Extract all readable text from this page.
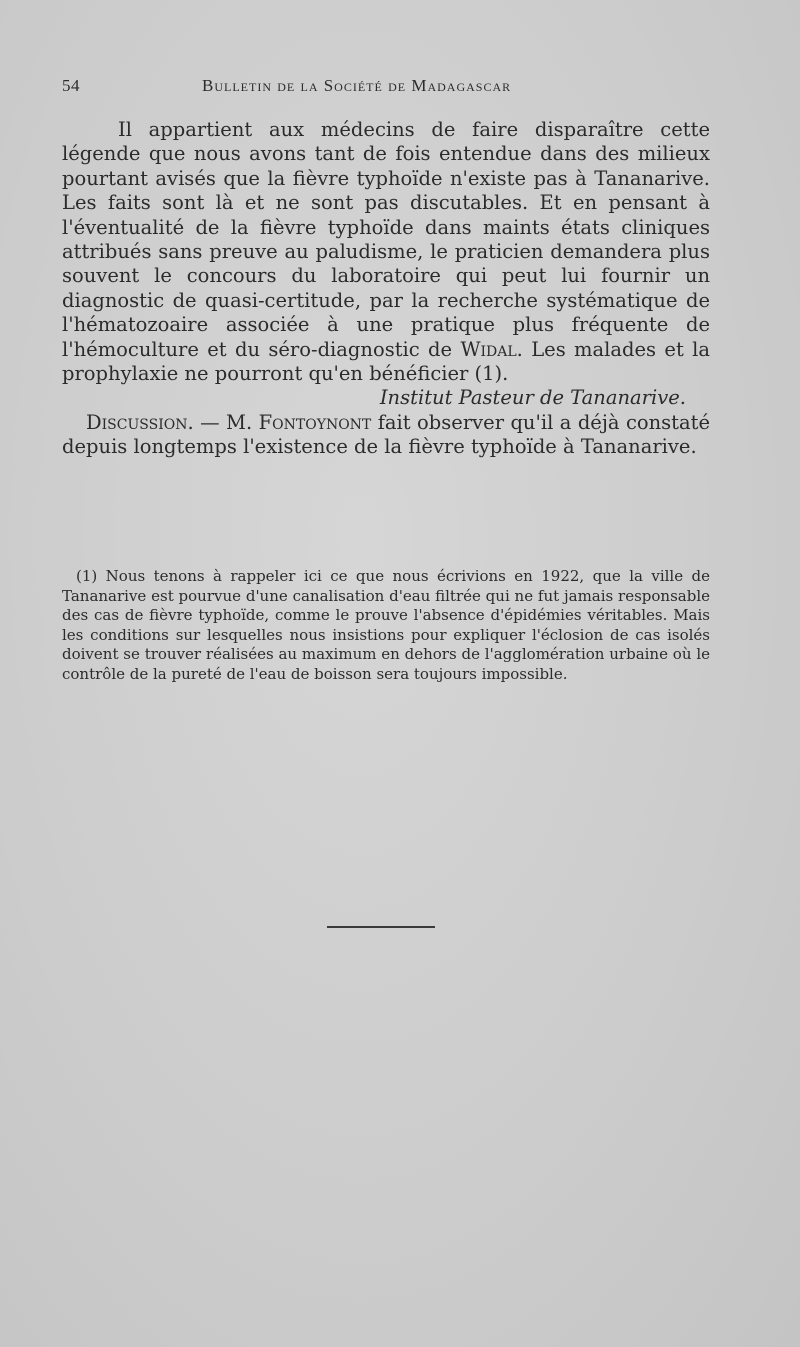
54	Bulletin de la Société de Madagascar

Il appartient aux médecins de faire disparaître cette légende que nous avons tant de fois entendue dans des milieux pourtant avisés que la fièvre typhoïde n'existe pas à Tananarive. Les faits sont là et ne sont pas discutables. Et en pensant à l'éventualité de la fièvre typhoïde dans maints états cliniques attribués sans preuve au paludisme, le praticien demandera plus souvent le concours du laboratoire qui peut lui fournir un diagnostic de quasi-certitude, par la recherche systématique de l'hématozoaire associée à une pratique plus fréquente de l'hémoculture et du séro-diagnostic de Widal. Les malades et la prophylaxie ne pourront qu'en bénéficier (1).

Institut Pasteur de Tananarive.

Discussion. — M. Fontoynont fait observer qu'il a déjà constaté depuis longtemps l'existence de la fièvre typhoïde à Tananarive.

(1) Nous tenons à rappeler ici ce que nous écrivions en 1922, que la ville de Tananarive est pourvue d'une canalisation d'eau filtrée qui ne fut jamais responsable des cas de fièvre typhoïde, comme le prouve l'absence d'épidémies véritables. Mais les conditions sur lesquelles nous insistions pour expliquer l'éclosion de cas isolés doivent se trouver réalisées au maximum en dehors de l'agglomération urbaine où le contrôle de la pureté de l'eau de boisson sera toujours impossible.
